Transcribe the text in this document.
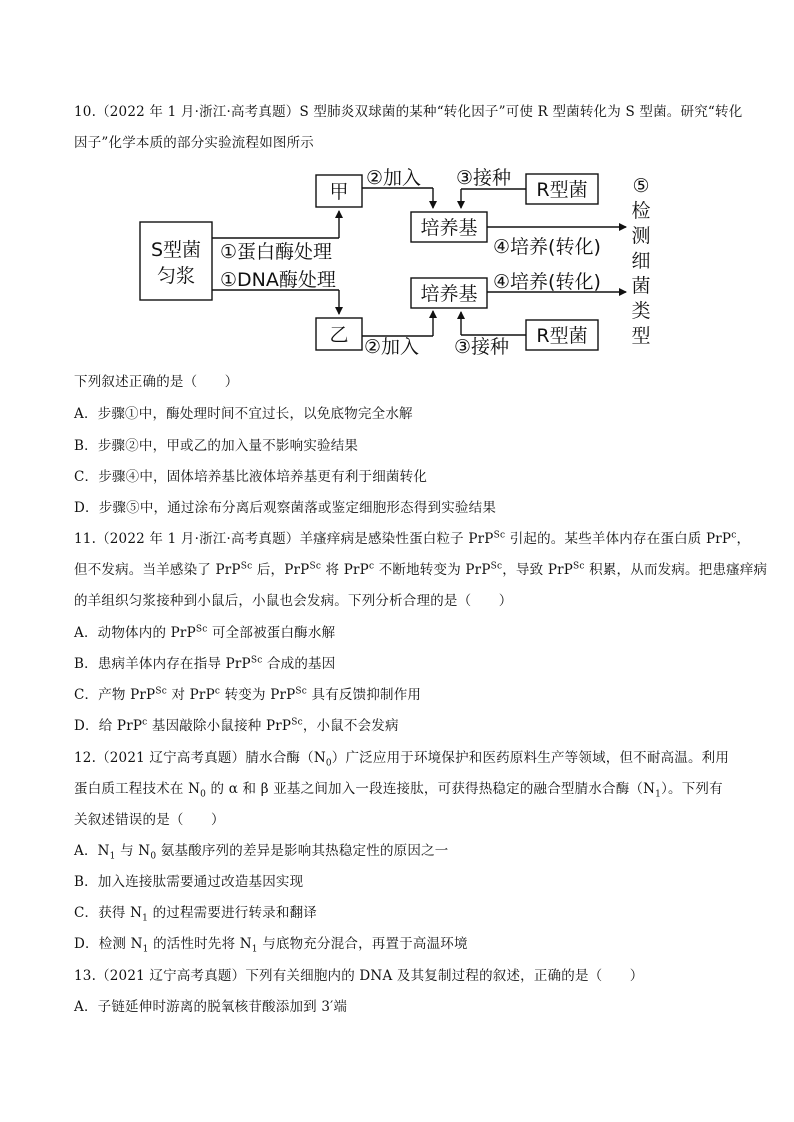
10.（2022 年 1 月·浙江·高考真题）S 型肺炎双球菌的某种“转化因子”可使 R 型菌转化为 S 型菌。研究“转化
因子”化学本质的部分实验流程如图所示
S型菌
匀浆
①蛋白酶处理
①DNA酶处理
甲
乙
②加入
②加入
培养基
培养基
R型菌
③接种
R型菌
③接种
④培养(转化)
④培养(转化)
⑤
检
测
细
菌
类
型
下列叙述正确的是（　　）
A．步骤①中，酶处理时间不宜过长，以免底物完全水解
B．步骤②中，甲或乙的加入量不影响实验结果
C．步骤④中，固体培养基比液体培养基更有利于细菌转化
D．步骤⑤中，通过涂布分离后观察菌落或鉴定细胞形态得到实验结果
11.（2022 年 1 月·浙江·高考真题）羊瘙痒病是感染性蛋白粒子 PrP$^{Sc}$ 引起的。某些羊体内存在蛋白质 PrP$^c$，
但不发病。当羊感染了 PrP$^{Sc}$ 后，PrP$^{Sc}$ 将 PrP$^c$ 不断地转变为 PrP$^{Sc}$，导致 PrP$^{Sc}$ 积累，从而发病。把患瘙痒病
的羊组织匀浆接种到小鼠后，小鼠也会发病。下列分析合理的是（　　）
A．动物体内的 PrP$^{Sc}$ 可全部被蛋白酶水解
B．患病羊体内存在指导 PrP$^{Sc}$ 合成的基因
C．产物 PrP$^{Sc}$ 对 PrP$^c$ 转变为 PrP$^{Sc}$ 具有反馈抑制作用
D．给 PrP$^c$ 基因敲除小鼠接种 PrP$^{Sc}$，小鼠不会发病
12.（2021 辽宁高考真题）腈水合酶$(N_0)$广泛应用于环境保护和医药原料生产等领域，但不耐高温。利用
蛋白质工程技术在 $N_0$ 的 α 和 β 亚基之间加入一段连接肽，可获得热稳定的融合型腈水合酶$(N_1)$。下列有
关叙述错误的是（　　）
A．$N_1$ 与 $N_0$ 氨基酸序列的差异是影响其热稳定性的原因之一
B．加入连接肽需要通过改造基因实现
C．获得 $N_1$ 的过程需要进行转录和翻译
D．检测 $N_1$ 的活性时先将 $N_1$ 与底物充分混合，再置于高温环境
13.（2021 辽宁高考真题）下列有关细胞内的 DNA 及其复制过程的叙述，正确的是（　　）
A．子链延伸时游离的脱氧核苷酸添加到 3′端
